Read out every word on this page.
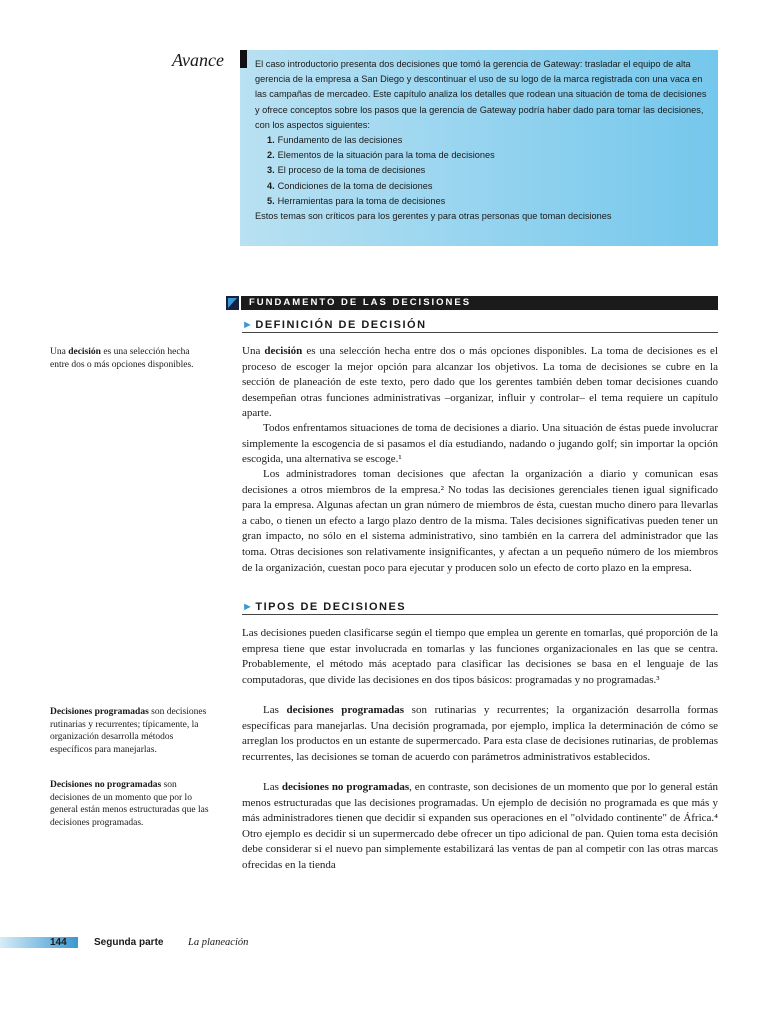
Avance	El caso introductorio presenta dos decisiones que tomó la gerencia de Gateway: trasladar el equipo de alta gerencia de la empresa a San Diego y descontinuar el uso de su logo de la marca registrada con una vaca en las campañas de mercadeo. Este capítulo analiza los detalles que rodean una situación de toma de decisiones y ofrece conceptos sobre los pasos que la gerencia de Gateway podría haber dado para tomar las decisiones, con los aspectos siguientes:
1. Fundamento de las decisiones
2. Elementos de la situación para la toma de decisiones
3. El proceso de la toma de decisiones
4. Condiciones de la toma de decisiones
5. Herramientas para la toma de decisiones
Estos temas son críticos para los gerentes y para otras personas que toman decisiones
FUNDAMENTO DE LAS DECISIONES
►DEFINICIÓN DE DECISIÓN

Una decisión es una selección hecha entre dos o más opciones disponibles. La toma de decisiones es el proceso de escoger la mejor opción para alcanzar los objetivos. La toma de decisiones se cubre en la sección de planeación de este texto, pero dado que los gerentes también deben tomar decisiones cuando desempeñan otras funciones administrativas –organizar, influir y controlar– el tema requiere un capítulo aparte.

Todos enfrentamos situaciones de toma de decisiones a diario. Una situación de éstas puede involucrar simplemente la escogencia de si pasamos el día estudiando, nadando o jugando golf; sin importar la opción escogida, una alternativa se escoge.¹

Los administradores toman decisiones que afectan la organización a diario y comunican esas decisiones a otros miembros de la empresa.² No todas las decisiones gerenciales tienen igual significado para la empresa. Algunas afectan un gran número de miembros de ésta, cuestan mucho dinero para llevarlas a cabo, o tienen un efecto a largo plazo dentro de la misma. Tales decisiones significativas pueden tener un gran impacto, no sólo en el sistema administrativo, sino también en la carrera del administrador que las toma. Otras decisiones son relativamente insignificantes, y afectan a un pequeño número de los miembros de la organización, cuestan poco para ejecutar y producen solo un efecto de corto plazo en la empresa.

►TIPOS DE DECISIONES

Las decisiones pueden clasificarse según el tiempo que emplea un gerente en tomarlas, qué proporción de la empresa tiene que estar involucrada en tomarlas y las funciones organizacionales en las que se centra. Probablemente, el método más aceptado para clasificar las decisiones se basa en el lenguaje de las computadoras, que divide las decisiones en dos tipos básicos: programadas y no programadas.³

Las decisiones programadas son rutinarias y recurrentes; la organización desarrolla formas específicas para manejarlas. Una decisión programada, por ejemplo, implica la determinación de cómo se arreglan los productos en un estante de supermercado. Para esta clase de decisiones rutinarias, de problemas recurrentes, las decisiones se toman de acuerdo con parámetros administrativos establecidos.

Las decisiones no programadas, en contraste, son decisiones de un momento que por lo general están menos estructuradas que las decisiones programadas. Un ejemplo de decisión no programada es que más y más administradores tienen que decidir si expanden sus operaciones en el "olvidado continente" de África.⁴ Otro ejemplo es decidir si un supermercado debe ofrecer un tipo adicional de pan. Quien toma esta decisión debe considerar si el nuevo pan simplemente estabilizará las ventas de pan al competir con las otras marcas ofrecidas en la tienda

Una decisión es una selección hecha entre dos o más opciones disponibles.

Decisiones programadas son decisiones rutinarias y recurrentes; típicamente, la organización desarrolla métodos específicos para manejarlas.

Decisiones no programadas son decisiones de un momento que por lo general están menos estructuradas que las decisiones programadas.

144	Segunda parte La planeación
